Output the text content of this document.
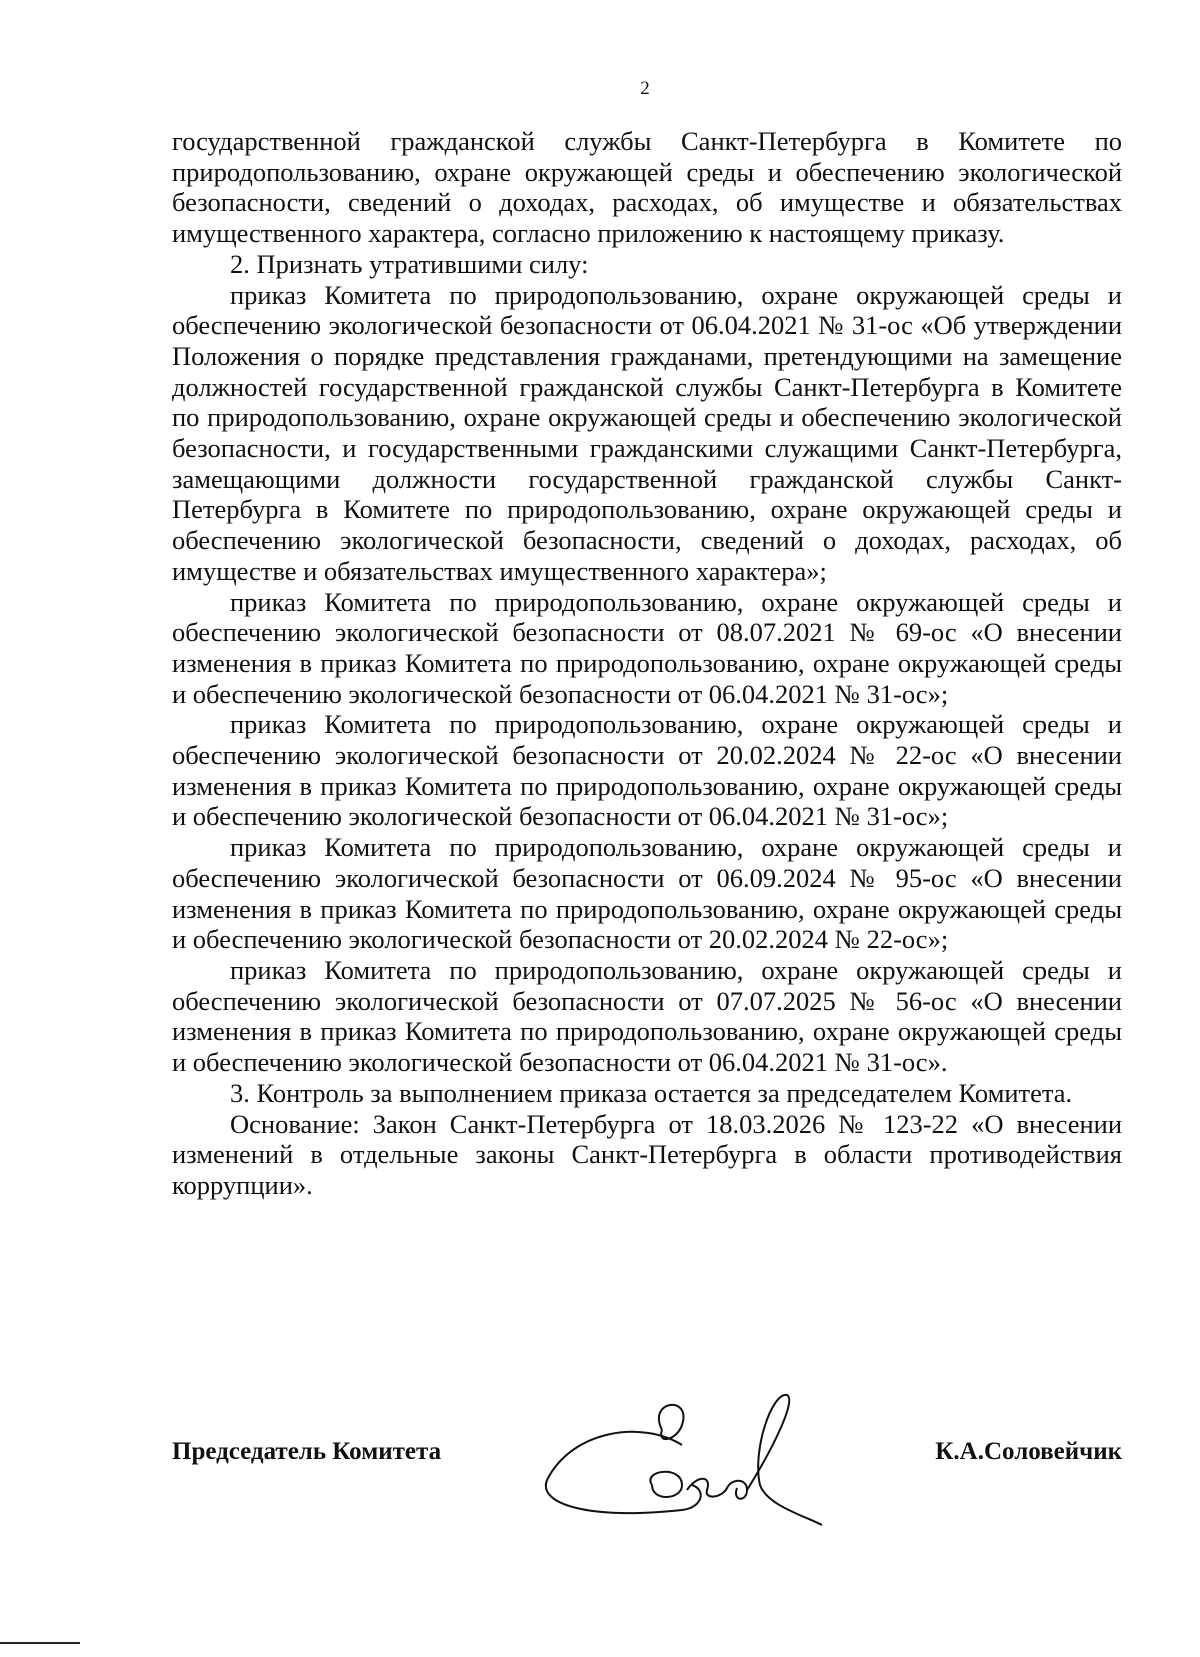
2

государственной гражданской службы Санкт-Петербурга в Комитете по природопользованию, охране окружающей среды и обеспечению экологической безопасности, сведений о доходах, расходах, об имуществе и обязательствах имущественного характера, согласно приложению к настоящему приказу.

2. Признать утратившими силу:

приказ Комитета по природопользованию, охране окружающей среды и обеспечению экологической безопасности от 06.04.2021 № 31-ос «Об утверждении Положения о порядке представления гражданами, претендующими на замещение должностей государственной гражданской службы Санкт-Петербурга в Комитете по природопользованию, охране окружающей среды и обеспечению экологической безопасности, и государственными гражданскими служащими Санкт-Петербурга, замещающими должности государственной гражданской службы Санкт-Петербурга в Комитете по природопользованию, охране окружающей среды и обеспечению экологической безопасности, сведений о доходах, расходах, об имуществе и обязательствах имущественного характера»;

приказ Комитета по природопользованию, охране окружающей среды и обеспечению экологической безопасности от 08.07.2021 № 69-ос «О внесении изменения в приказ Комитета по природопользованию, охране окружающей среды и обеспечению экологической безопасности от 06.04.2021 № 31-ос»;

приказ Комитета по природопользованию, охране окружающей среды и обеспечению экологической безопасности от 20.02.2024 № 22-ос «О внесении изменения в приказ Комитета по природопользованию, охране окружающей среды и обеспечению экологической безопасности от 06.04.2021 № 31-ос»;

приказ Комитета по природопользованию, охране окружающей среды и обеспечению экологической безопасности от 06.09.2024 № 95-ос «О внесении изменения в приказ Комитета по природопользованию, охране окружающей среды и обеспечению экологической безопасности от 20.02.2024 № 22-ос»;

приказ Комитета по природопользованию, охране окружающей среды и обеспечению экологической безопасности от 07.07.2025 № 56-ос «О внесении изменения в приказ Комитета по природопользованию, охране окружающей среды и обеспечению экологической безопасности от 06.04.2021 № 31-ос».

3. Контроль за выполнением приказа остается за председателем Комитета.

Основание: Закон Санкт-Петербурга от 18.03.2026 № 123-22 «О внесении изменений в отдельные законы Санкт-Петербурга в области противодействия коррупции».

Председатель Комитета	К.А.Соловейчик
